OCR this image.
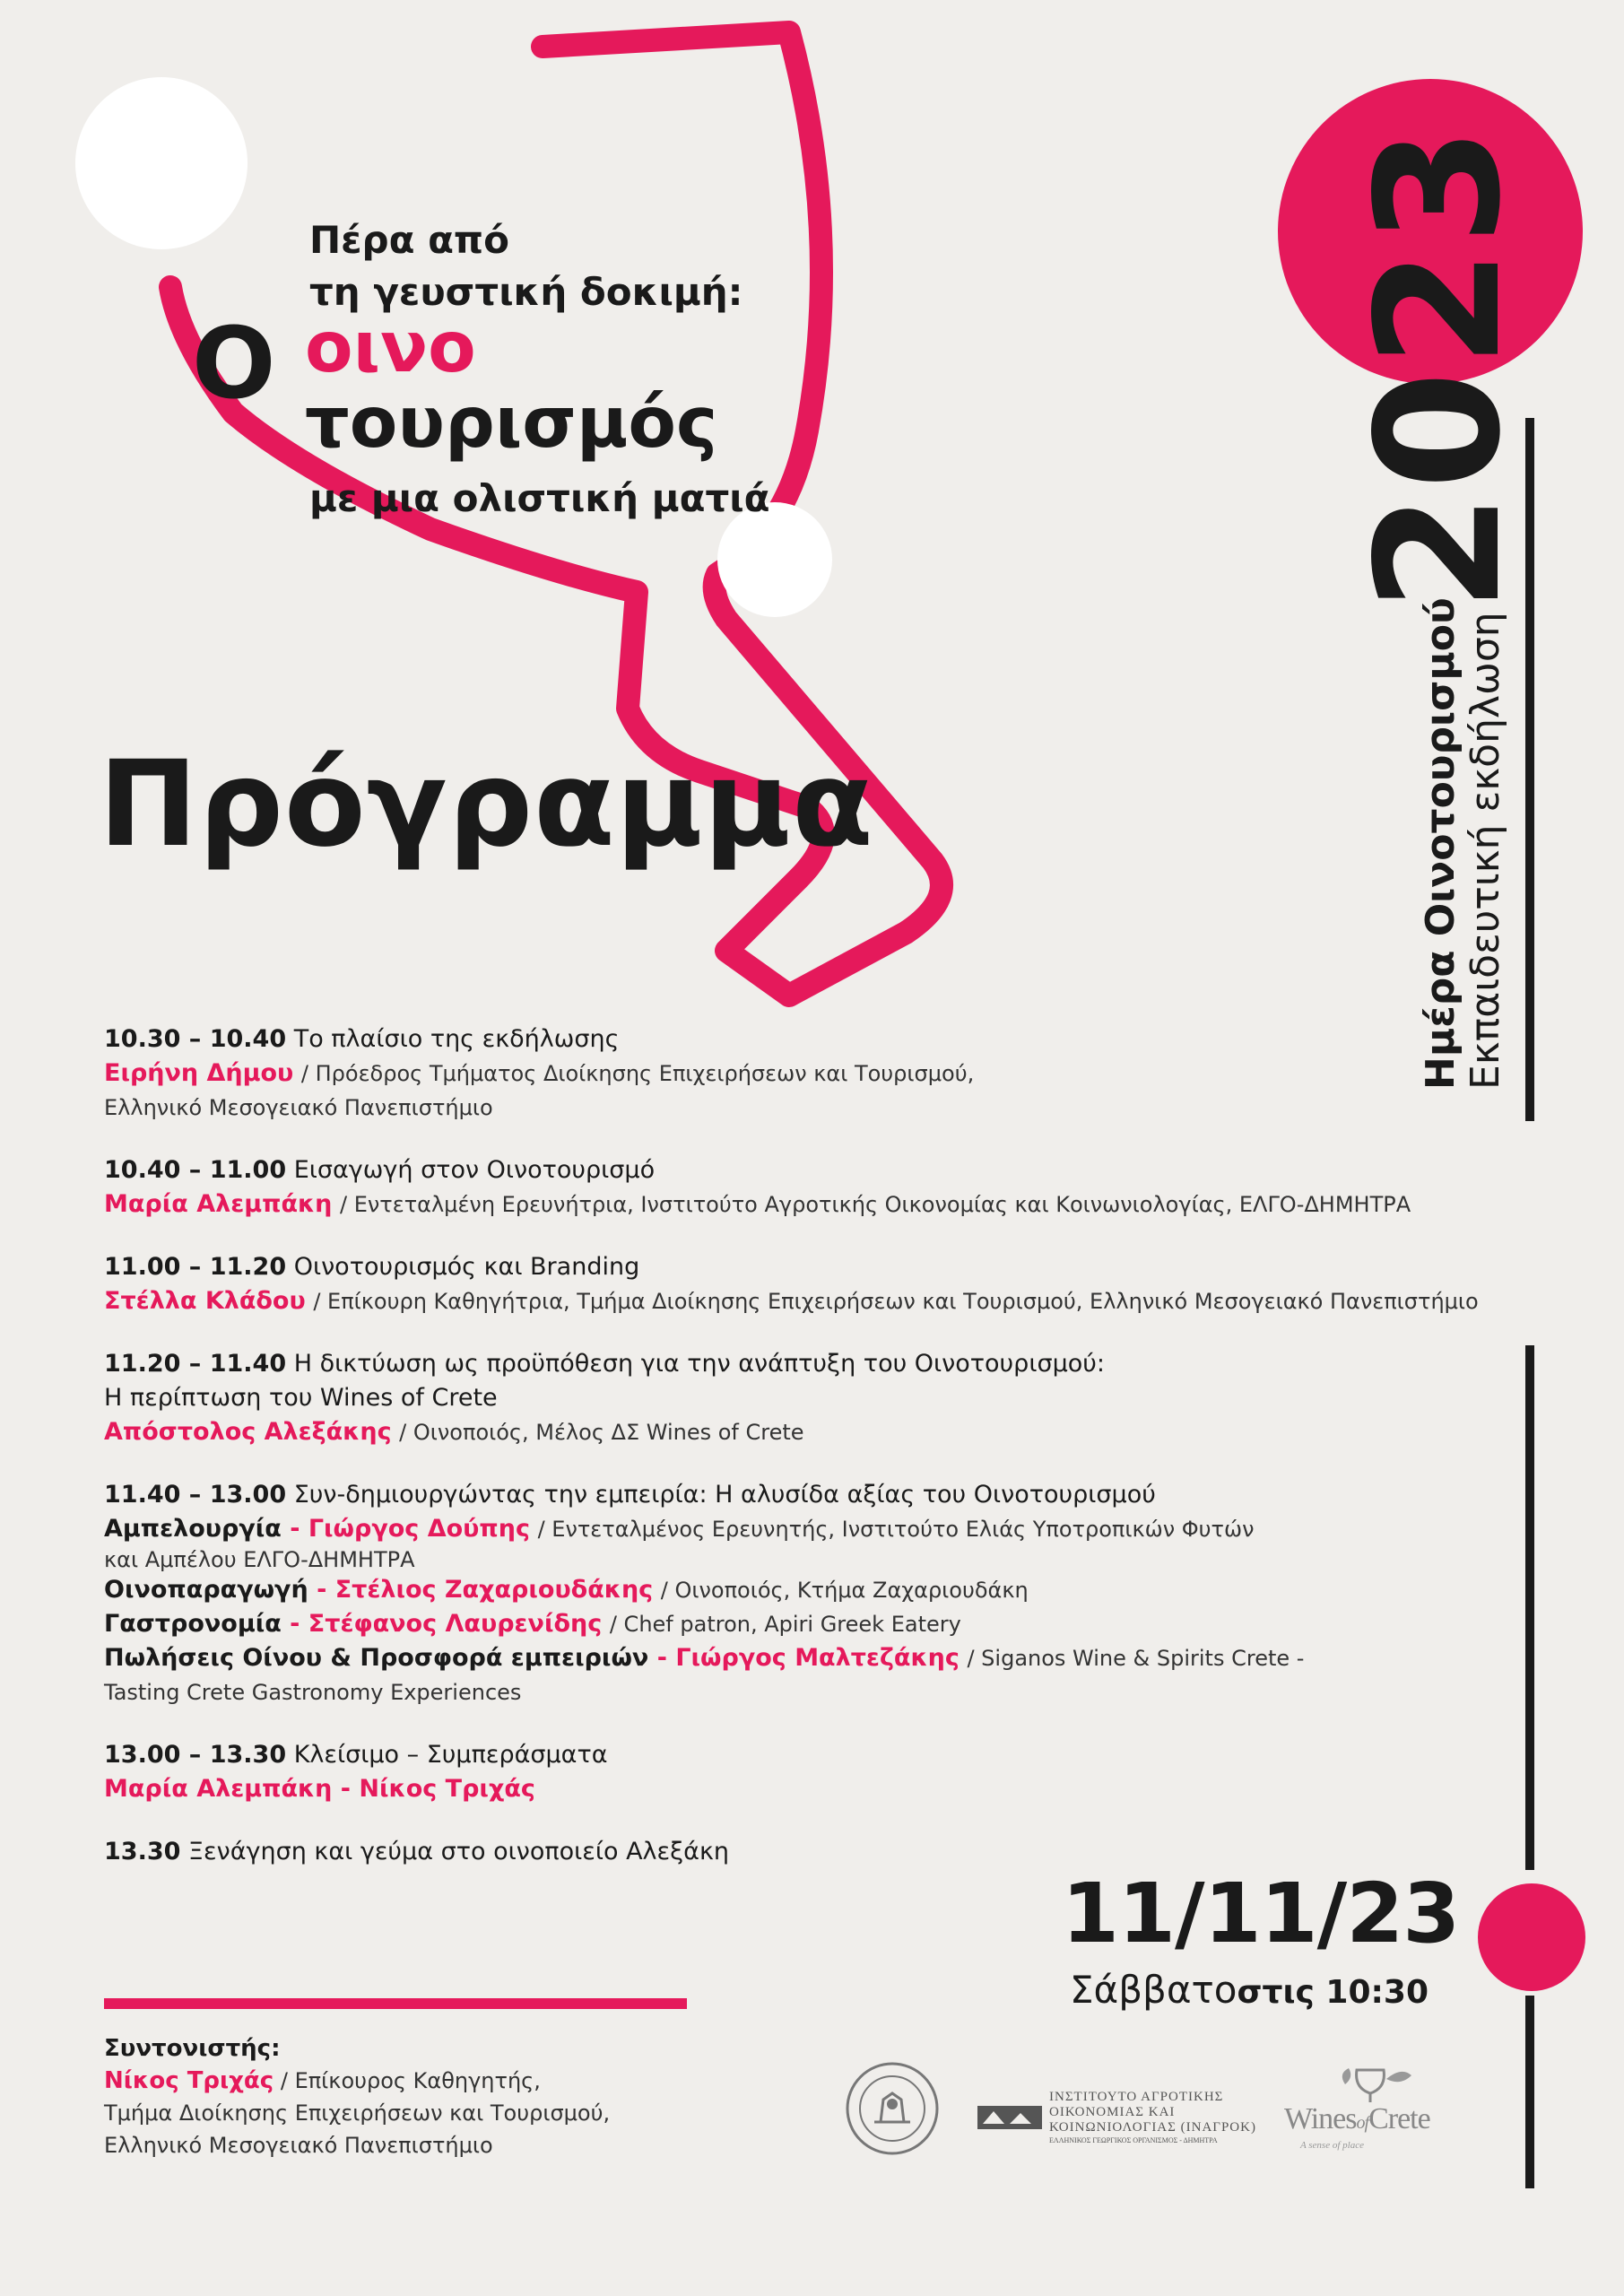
Πέρα από
τη γευστική δοκιμή:
Ο οινο
τουρισμός
με μια ολιστική ματιά
Πρόγραμμα
2023
Ημέρα Οινοτουρισμού Εκπαιδευτική εκδήλωση
10.30 – 10.40 Το πλαίσιο της εκδήλωσης
Ειρήνη Δήμου / Πρόεδρος Τμήματος Διοίκησης Επιχειρήσεων και Τουρισμού,
Ελληνικό Μεσογειακό Πανεπιστήμιο
10.40 – 11.00 Εισαγωγή στον Οινοτουρισμό
Μαρία Αλεμπάκη / Εντεταλμένη Ερευνήτρια, Ινστιτούτο Αγροτικής Οικονομίας και Κοινωνιολογίας, ΕΛΓΟ-ΔΗΜΗΤΡΑ
11.00 – 11.20 Οινοτουρισμός και Branding
Στέλλα Κλάδου / Επίκουρη Καθηγήτρια, Τμήμα Διοίκησης Επιχειρήσεων και Τουρισμού, Ελληνικό Μεσογειακό Πανεπιστήμιο
11.20 – 11.40 Η δικτύωση ως προϋπόθεση για την ανάπτυξη του Οινοτουρισμού:
Η περίπτωση του Wines of Crete
Απόστολος Αλεξάκης / Οινοποιός, Μέλος ΔΣ Wines of Crete
11.40 – 13.00 Συν-δημιουργώντας την εμπειρία: Η αλυσίδα αξίας του Οινοτουρισμού
Αμπελουργία - Γιώργος Δούπης / Εντεταλμένος Ερευνητής, Ινστιτούτο Ελιάς Υποτροπικών Φυτών
και Αμπέλου ΕΛΓΟ-ΔΗΜΗΤΡΑ
Οινοπαραγωγή - Στέλιος Ζαχαριουδάκης / Οινοποιός, Κτήμα Ζαχαριουδάκη
Γαστρονομία - Στέφανος Λαυρενίδης / Chef patron, Apiri Greek Eatery
Πωλήσεις Οίνου & Προσφορά εμπειριών - Γιώργος Μαλτεζάκης / Siganos Wine & Spirits Crete -
Tasting Crete Gastronomy Experiences
13.00 – 13.30 Κλείσιμο – Συμπεράσματα
Μαρία Αλεμπάκη - Νίκος Τριχάς
13.30 Ξενάγηση και γεύμα στο οινοποιείο Αλεξάκη
11/11/23
Σάββατοστις 10:30
Συντονιστής:
Νίκος Τριχάς / Επίκουρος Καθηγητής,
Τμήμα Διοίκησης Επιχειρήσεων και Τουρισμού,
Ελληνικό Μεσογειακό Πανεπιστήμιο
ΙΝΣΤΙΤΟΥΤΟ ΑΓΡΟΤΙΚΗΣ
ΟΙΚΟΝΟΜΙΑΣ ΚΑΙ
ΚΟΙΝΩΝΙΟΛΟΓΙΑΣ (ΙΝΑΓΡΟΚ)
ΕΛΛΗΝΙΚΟΣ ΓΕΩΡΓΙΚΟΣ ΟΡΓΑΝΙΣΜΟΣ - ΔΗΜΗΤΡΑ
WinesofCrete
A sense of place
